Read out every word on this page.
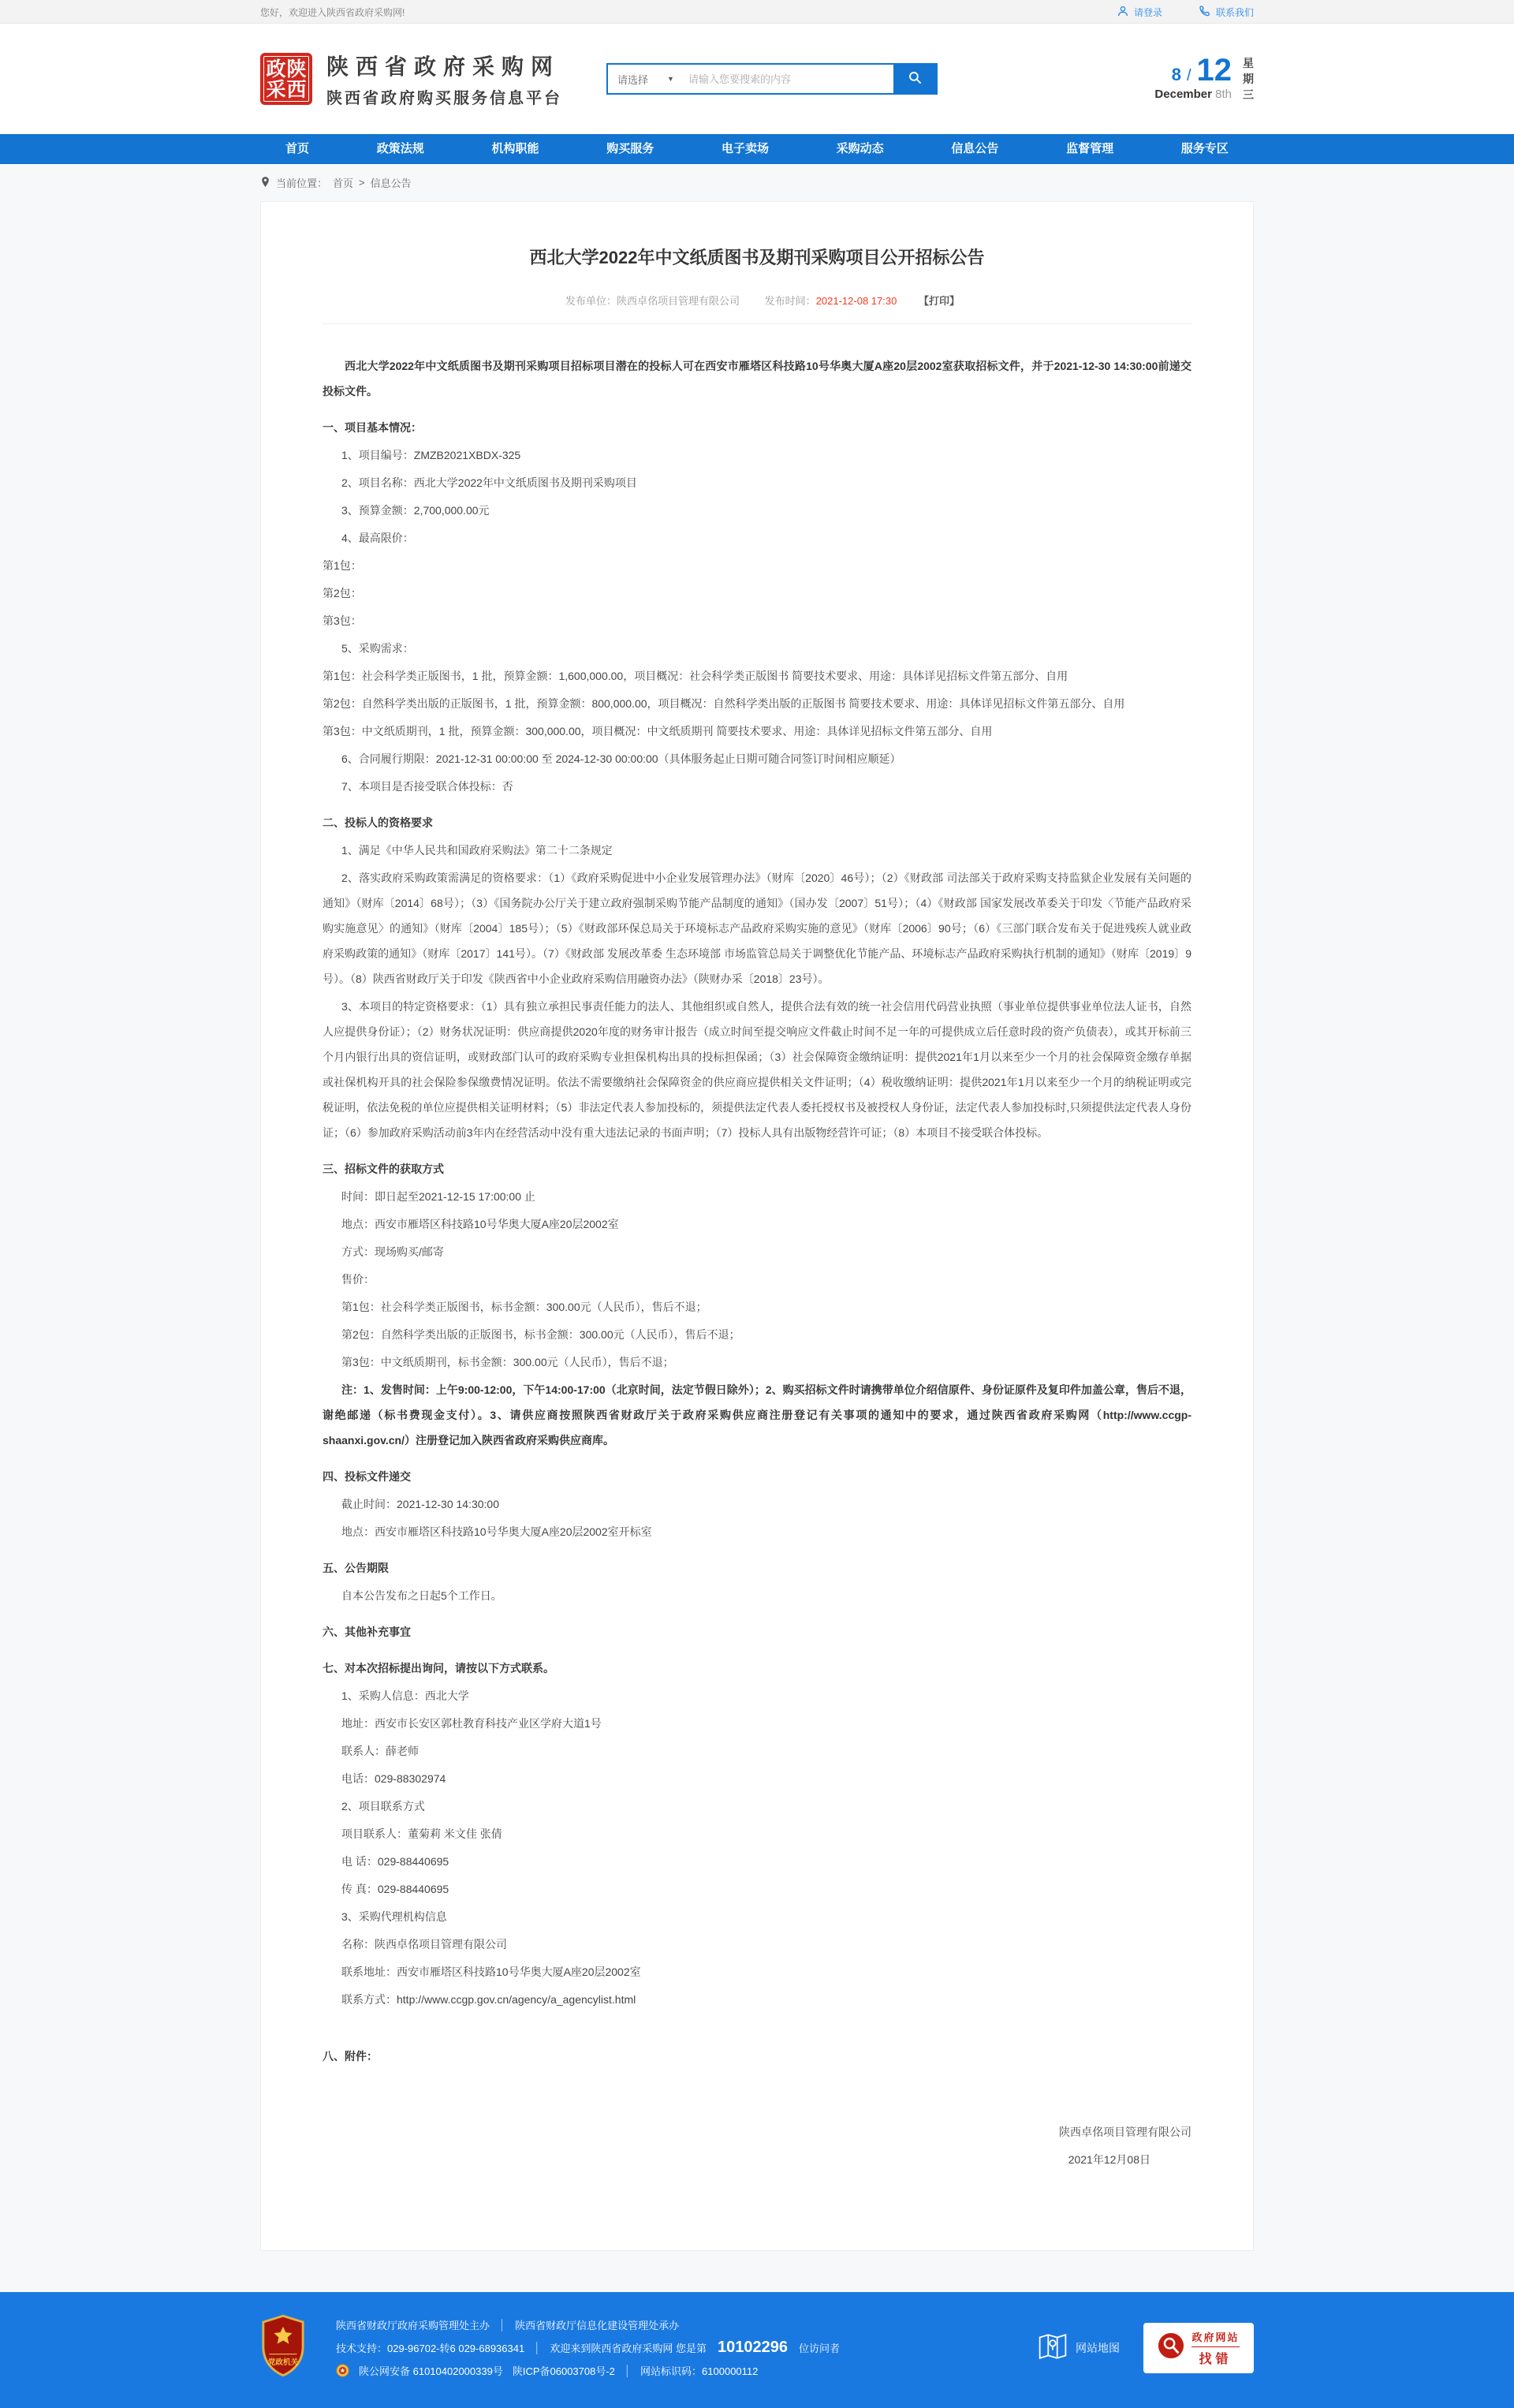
您好，欢迎进入陕西省政府采购网!	请登录	联系我们
政 陕
采 西
陕西省政府采购网
陕西省政府购买服务信息平台
请选择	▼
请输入您要搜索的内容	8 / 12
December 8th
星
期
三
首页	政策法规	机构职能	购买服务	电子卖场	采购动态	信息公告	监督管理	服务专区
当前位置： 首页 > 信息公告
西北大学2022年中文纸质图书及期刊采购项目公开招标公告
发布单位：陕西卓佲项目管理有限公司 发布时间：2021-12-08 17:30 【打印】

西北大学2022年中文纸质图书及期刊采购项目招标项目潜在的投标人可在西安市雁塔区科技路10号华奥大厦A座20层2002室获取招标文件，并于2021-12-30 14:30:00前递交投标文件。

一、项目基本情况：

1、项目编号：ZMZB2021XBDX-325

2、项目名称：西北大学2022年中文纸质图书及期刊采购项目

3、预算金额：2,700,000.00元

4、最高限价：

第1包：

第2包：

第3包：

5、采购需求：

第1包：社会科学类正版图书，1 批，预算金额：1,600,000.00，项目概况：社会科学类正版图书 简要技术要求、用途：具体详见招标文件第五部分、自用

第2包：自然科学类出版的正版图书，1 批，预算金额：800,000.00，项目概况：自然科学类出版的正版图书 简要技术要求、用途：具体详见招标文件第五部分、自用

第3包：中文纸质期刊，1 批，预算金额：300,000.00，项目概况：中文纸质期刊 简要技术要求、用途：具体详见招标文件第五部分、自用

6、合同履行期限：2021-12-31 00:00:00 至 2024-12-30 00:00:00（具体服务起止日期可随合同签订时间相应顺延）

7、本项目是否接受联合体投标：否

二、投标人的资格要求

1、满足《中华人民共和国政府采购法》第二十二条规定

2、落实政府采购政策需满足的资格要求：（1）《政府采购促进中小企业发展管理办法》（财库〔2020〕46号）；（2）《财政部 司法部关于政府采购支持监狱企业发展有关问题的通知》（财库〔2014〕68号）；（3）《国务院办公厅关于建立政府强制采购节能产品制度的通知》（国办发〔2007〕51号）；（4）《财政部 国家发展改革委关于印发〈节能产品政府采购实施意见〉的通知》（财库〔2004〕185号）；（5）《财政部环保总局关于环境标志产品政府采购实施的意见》（财库〔2006〕90号；（6）《三部门联合发布关于促进残疾人就业政府采购政策的通知》（财库〔2017〕141号）。（7）《财政部 发展改革委 生态环境部 市场监管总局关于调整优化节能产品、环境标志产品政府采购执行机制的通知》（财库〔2019〕9号）。（8）陕西省财政厅关于印发《陕西省中小企业政府采购信用融资办法》（陕财办采〔2018〕23号）。

3、本项目的特定资格要求：（1）具有独立承担民事责任能力的法人、其他组织或自然人，提供合法有效的统一社会信用代码营业执照（事业单位提供事业单位法人证书，自然人应提供身份证）；（2）财务状况证明：供应商提供2020年度的财务审计报告（成立时间至提交响应文件截止时间不足一年的可提供成立后任意时段的资产负债表），或其开标前三个月内银行出具的资信证明，或财政部门认可的政府采购专业担保机构出具的投标担保函；（3）社会保障资金缴纳证明：提供2021年1月以来至少一个月的社会保障资金缴存单据或社保机构开具的社会保险参保缴费情况证明。依法不需要缴纳社会保障资金的供应商应提供相关文件证明；（4）税收缴纳证明：提供2021年1月以来至少一个月的纳税证明或完税证明，依法免税的单位应提供相关证明材料；（5）非法定代表人参加投标的，须提供法定代表人委托授权书及被授权人身份证，法定代表人参加投标时,只须提供法定代表人身份证；（6）参加政府采购活动前3年内在经营活动中没有重大违法记录的书面声明；（7）投标人具有出版物经营许可证；（8）本项目不接受联合体投标。

三、招标文件的获取方式

时间：即日起至2021-12-15 17:00:00 止

地点：西安市雁塔区科技路10号华奥大厦A座20层2002室

方式：现场购买/邮寄

售价：

第1包：社会科学类正版图书，标书金额：300.00元（人民币），售后不退；

第2包：自然科学类出版的正版图书，标书金额：300.00元（人民币），售后不退；

第3包：中文纸质期刊，标书金额：300.00元（人民币），售后不退；

注：1、发售时间：上午9:00-12:00，下午14:00-17:00（北京时间，法定节假日除外）；2、购买招标文件时请携带单位介绍信原件、身份证原件及复印件加盖公章，售后不退，谢绝邮递（标书费现金支付）。3、请供应商按照陕西省财政厅关于政府采购供应商注册登记有关事项的通知中的要求，通过陕西省政府采购网（http://www.ccgp-shaanxi.gov.cn/）注册登记加入陕西省政府采购供应商库。

四、投标文件递交

截止时间：2021-12-30 14:30:00

地点：西安市雁塔区科技路10号华奥大厦A座20层2002室开标室

五、公告期限

自本公告发布之日起5个工作日。

六、其他补充事宜

七、对本次招标提出询问，请按以下方式联系。

1、采购人信息：西北大学

地址：西安市长安区郭杜教育科技产业区学府大道1号

联系人：薛老师

电话：029-88302974

2、项目联系方式

项目联系人：董菊莉 米文佳 张倩

电 话：029-88440695

传 真：029-88440695

3、采购代理机构信息

名称：陕西卓佲项目管理有限公司

联系地址：西安市雁塔区科技路10号华奥大厦A座20层2002室

联系方式：http://www.ccgp.gov.cn/agency/a_agencylist.html

八、附件：

陕西卓佲项目管理有限公司

2021年12月08日

党政机关
陕西省财政厅政府采购管理处主办 │ 陕西省财政厅信息化建设管理处承办
技术支持：029-96702-转6 029-68936341 │ 欢迎来到陕西省政府采购网 您是第 10102296 位访问者
陕公网安备 61010402000339号 陕ICP备06003708号-2 │ 网站标识码：6100000112
网站地图
政府网站
找错
